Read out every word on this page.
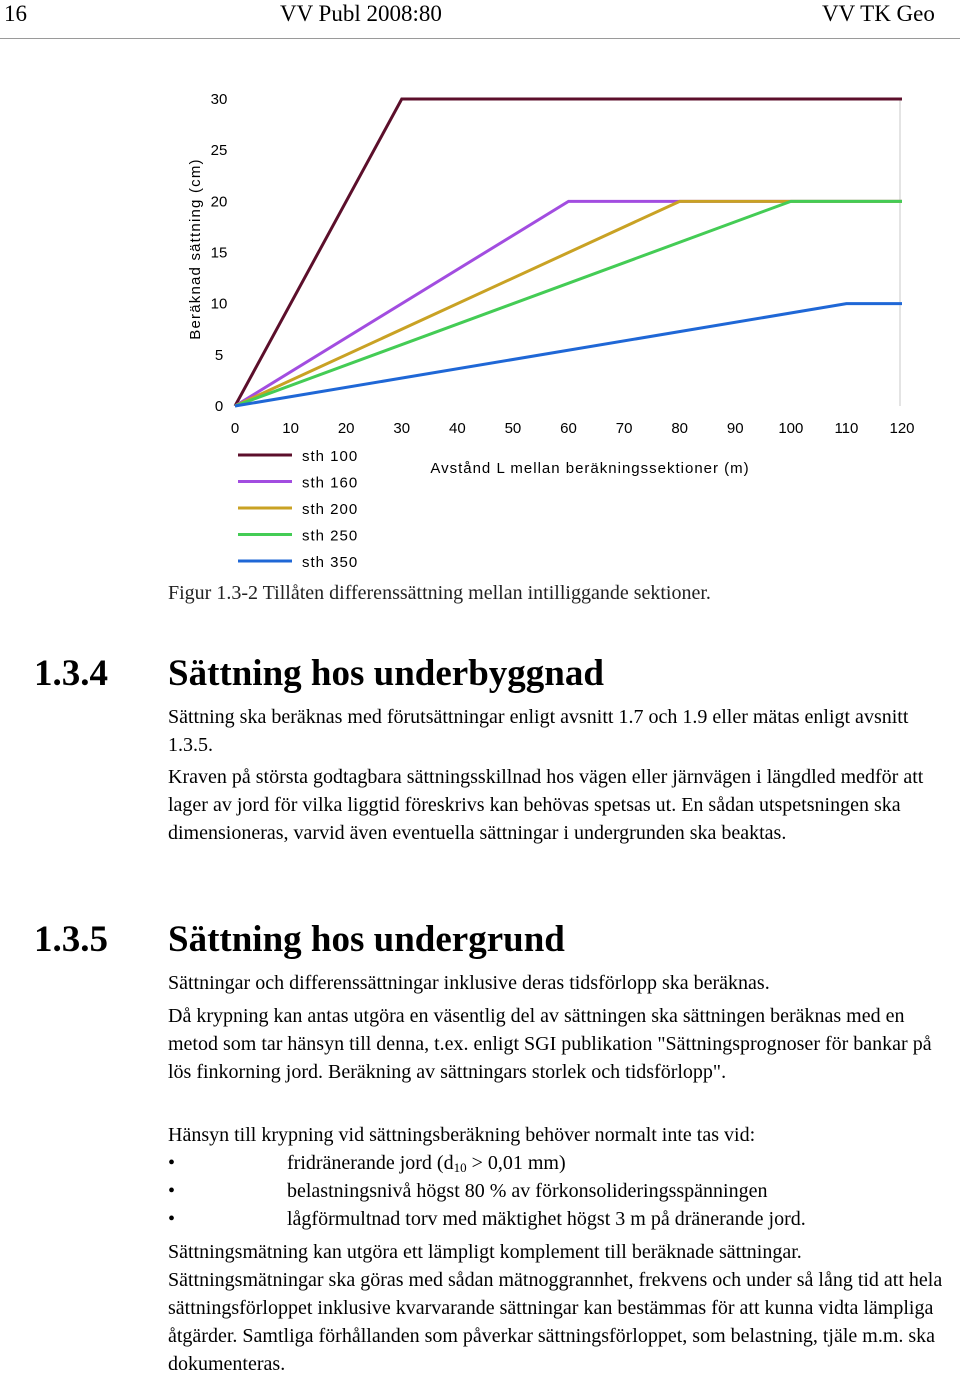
16	VV Publ 2008:80	VV TK Geo
Beräknad sättning (cm)
0
5
10
15
20
25
30
0	10	20	30	40	50	60	70	80	90 100 110 120
Avstånd L mellan beräkningssektioner (m)
sth 100
sth 160
sth 200
sth 250
sth 350
Figur 1.3-2 Tillåten differenssättning mellan intilliggande sektioner.
1.3.4 Sättning hos underbyggnad

Sättning ska beräknas med förutsättningar enligt avsnitt 1.7 och 1.9 eller mätas enligt avsnitt 1.3.5.

Kraven på största godtagbara sättningsskillnad hos vägen eller järnvägen i längdled medför att lager av jord för vilka liggtid föreskrivs kan behövas spetsas ut. En sådan utspetsningen ska dimensioneras, varvid även eventuella sättningar i undergrunden ska beaktas.

1.3.5 Sättning hos undergrund

Sättningar och differenssättningar inklusive deras tidsförlopp ska beräknas.

Då krypning kan antas utgöra en väsentlig del av sättningen ska sättningen beräknas med en metod som tar hänsyn till denna, t.ex. enligt SGI publikation "Sättningsprognoser för bankar på lös finkorning jord. Beräkning av sättningars storlek och tidsförlopp".

Hänsyn till krypning vid sättningsberäkning behöver normalt inte tas vid:

•	fridränerande jord ($d_{10} > 0,01$ mm)
•	belastningsnivå högst 80 % av förkonsolideringsspänningen
•	lågförmultnad torv med mäktighet högst 3 m på dränerande jord.

Sättningsmätning kan utgöra ett lämpligt komplement till beräknade sättningar.

Sättningsmätningar ska göras med sådan mätnoggrannhet, frekvens och under så lång tid att hela sättningsförloppet inklusive kvarvarande sättningar kan bestämmas för att kunna vidta lämpliga åtgärder. Samtliga förhållanden som påverkar sättningsförloppet, som belastning, tjäle m.m. ska dokumenteras.
